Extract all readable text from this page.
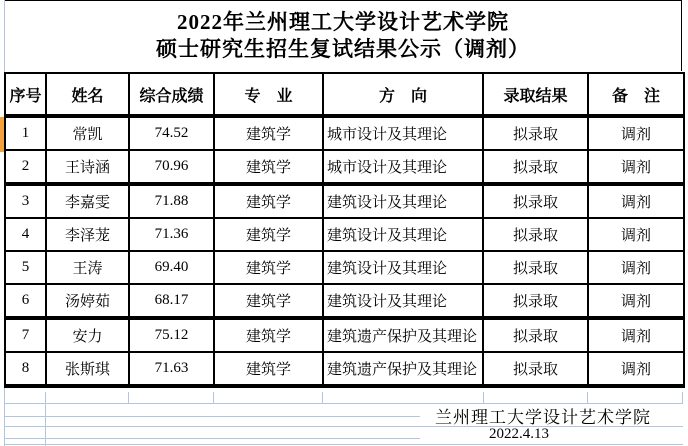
2022年兰州理工大学设计艺术学院
硕士研究生招生复试结果公示（调剂）
序号	姓名	综合成绩	专　业	方　向	录取结果	备　注
1	常凯	74.52	建筑学	城市设计及其理论	拟录取	调剂
2	王诗涵	70.96	建筑学	城市设计及其理论	拟录取	调剂
3	李嘉雯	71.88	建筑学	建筑设计及其理论	拟录取	调剂
4	李泽茏	71.36	建筑学	建筑设计及其理论	拟录取	调剂
5	王涛	69.40	建筑学	建筑设计及其理论	拟录取	调剂
6	汤婷茹	68.17	建筑学	建筑设计及其理论	拟录取	调剂
7	安力	75.12	建筑学	建筑遗产保护及其理论	拟录取	调剂
8	张斯琪	71.63	建筑学	建筑遗产保护及其理论	拟录取	调剂
兰州理工大学设计艺术学院
2022.4.13
